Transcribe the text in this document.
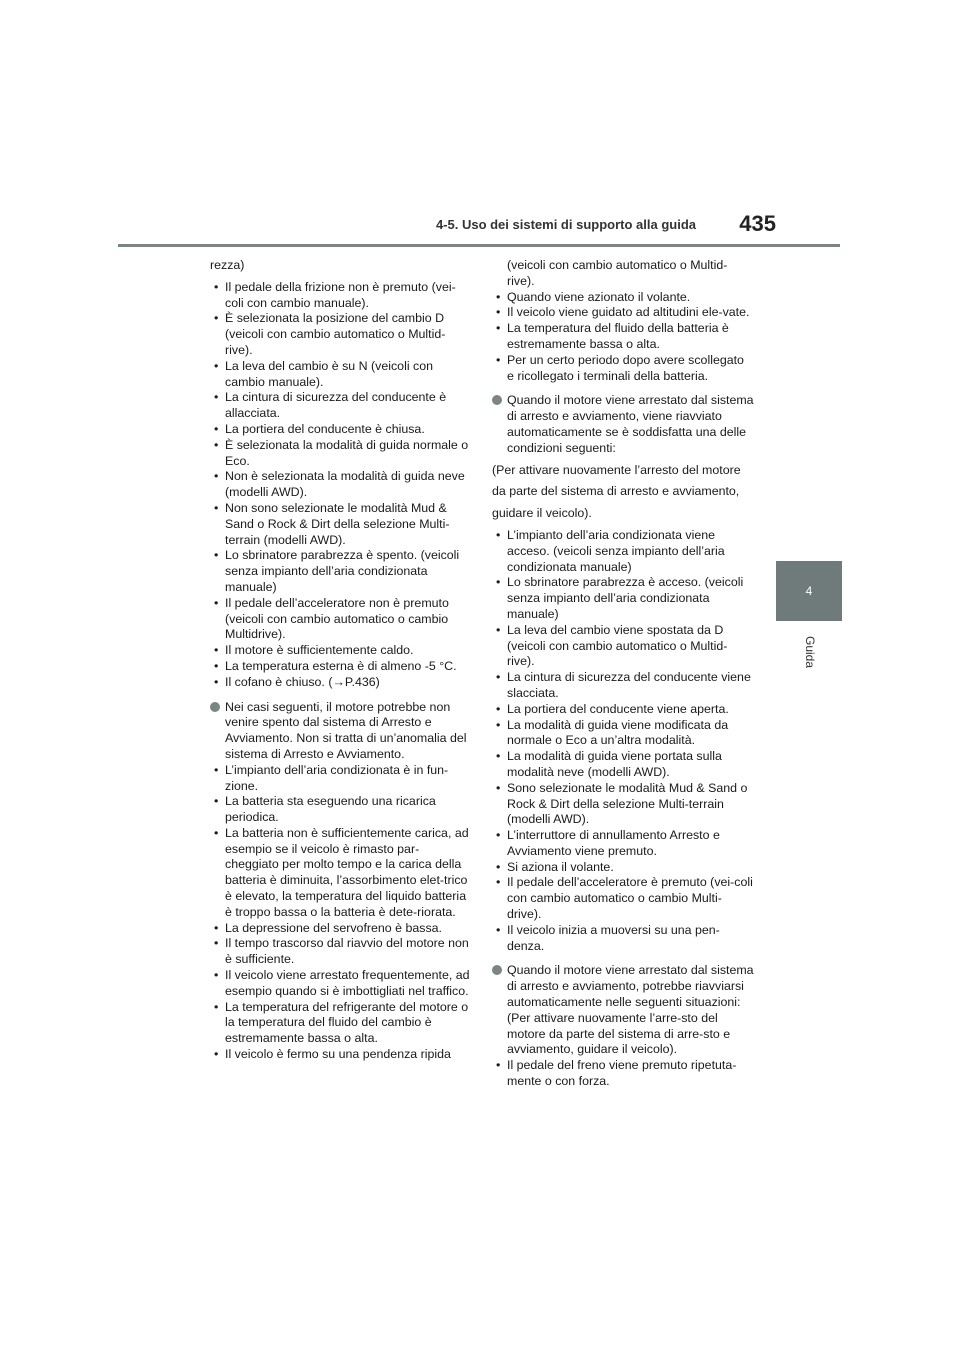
4-5. Uso dei sistemi di supporto alla guida 435
4
Guida
rezza)
• Il pedale della frizione non è premuto (vei-coli con cambio manuale).
• È selezionata la posizione del cambio D (veicoli con cambio automatico o Multid-rive).
• La leva del cambio è su N (veicoli con cambio manuale).
• La cintura di sicurezza del conducente è allacciata.
• La portiera del conducente è chiusa.
• È selezionata la modalità di guida normale o Eco.
• Non è selezionata la modalità di guida neve (modelli AWD).
• Non sono selezionate le modalità Mud & Sand o Rock & Dirt della selezione Multi-terrain (modelli AWD).
• Lo sbrinatore parabrezza è spento. (veicoli senza impianto dell’aria condizionata manuale)
• Il pedale dell’acceleratore non è premuto (veicoli con cambio automatico o cambio Multidrive).
• Il motore è sufficientemente caldo.
• La temperatura esterna è di almeno -5 °C.
• Il cofano è chiuso. (→P.436)
Nei casi seguenti, il motore potrebbe non venire spento dal sistema di Arresto e Avviamento. Non si tratta di un’anomalia del sistema di Arresto e Avviamento.
• L’impianto dell’aria condizionata è in fun-zione.
• La batteria sta eseguendo una ricarica periodica.
• La batteria non è sufficientemente carica, ad esempio se il veicolo è rimasto par-cheggiato per molto tempo e la carica della batteria è diminuita, l’assorbimento elet-trico è elevato, la temperatura del liquido batteria è troppo bassa o la batteria è dete-riorata.
• La depressione del servofreno è bassa.
• Il tempo trascorso dal riavvio del motore non è sufficiente.
• Il veicolo viene arrestato frequentemente, ad esempio quando si è imbottigliati nel traffico.
• La temperatura del refrigerante del motore o la temperatura del fluido del cambio è estremamente bassa o alta.
• Il veicolo è fermo su una pendenza ripida
(veicoli con cambio automatico o Multid-rive).
• Quando viene azionato il volante.
• Il veicolo viene guidato ad altitudini ele-vate.
• La temperatura del fluido della batteria è estremamente bassa o alta.
• Per un certo periodo dopo avere scollegato e ricollegato i terminali della batteria.
Quando il motore viene arrestato dal sistema di arresto e avviamento, viene riavviato automaticamente se è soddisfatta una delle condizioni seguenti:
(Per attivare nuovamente l’arresto del motore
da parte del sistema di arresto e avviamento,
guidare il veicolo).
• L’impianto dell’aria condizionata viene acceso. (veicoli senza impianto dell’aria condizionata manuale)
• Lo sbrinatore parabrezza è acceso. (veicoli senza impianto dell’aria condizionata manuale)
• La leva del cambio viene spostata da D (veicoli con cambio automatico o Multid-rive).
• La cintura di sicurezza del conducente viene slacciata.
• La portiera del conducente viene aperta.
• La modalità di guida viene modificata da normale o Eco a un’altra modalità.
• La modalità di guida viene portata sulla modalità neve (modelli AWD).
• Sono selezionate le modalità Mud & Sand o Rock & Dirt della selezione Multi-terrain (modelli AWD).
• L’interruttore di annullamento Arresto e Avviamento viene premuto.
• Si aziona il volante.
• Il pedale dell’acceleratore è premuto (vei-coli con cambio automatico o cambio Multi-drive).
• Il veicolo inizia a muoversi su una pen-denza.
Quando il motore viene arrestato dal sistema di arresto e avviamento, potrebbe riavviarsi automaticamente nelle seguenti situazioni: (Per attivare nuovamente l’arre-sto del motore da parte del sistema di arre-sto e avviamento, guidare il veicolo).
• Il pedale del freno viene premuto ripetuta-mente o con forza.
